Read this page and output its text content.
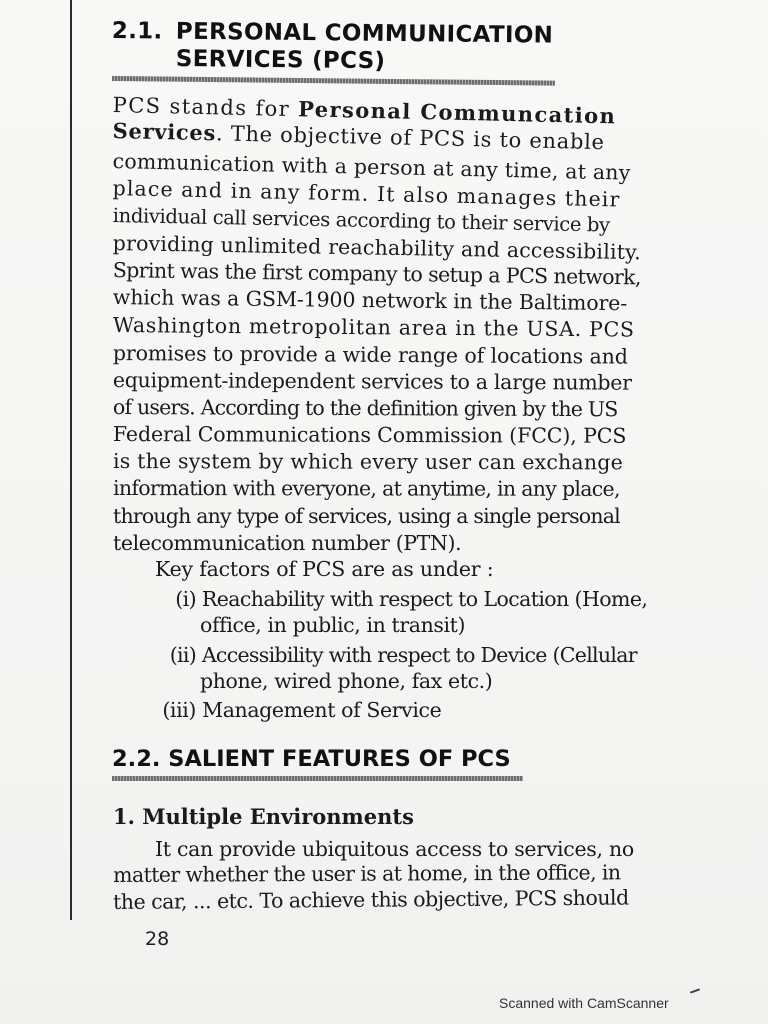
2.1. PERSONAL COMMUNICATION
SERVICES (PCS)
PCS stands for Personal Communcation
Services. The objective of PCS is to enable
communication with a person at any time, at any
place and in any form. It also manages their
individual call services according to their service by
providing unlimited reachability and accessibility.
Sprint was the first company to setup a PCS network,
which was a GSM-1900 network in the Baltimore-
Washington metropolitan area in the USA. PCS
promises to provide a wide range of locations and
equipment-independent services to a large number
of users. According to the definition given by the US
Federal Communications Commission (FCC), PCS
is the system by which every user can exchange
information with everyone, at anytime, in any place,
through any type of services, using a single personal
telecommunication number (PTN).
Key factors of PCS are as under :
(i) Reachability with respect to Location (Home,
office, in public, in transit)
(ii) Accessibility with respect to Device (Cellular
phone, wired phone, fax etc.)
(iii) Management of Service
2.2. SALIENT FEATURES OF PCS
1. Multiple Environments
It can provide ubiquitous access to services, no
matter whether the user is at home, in the office, in
the car, ... etc. To achieve this objective, PCS should
28
Scanned with CamScanner
